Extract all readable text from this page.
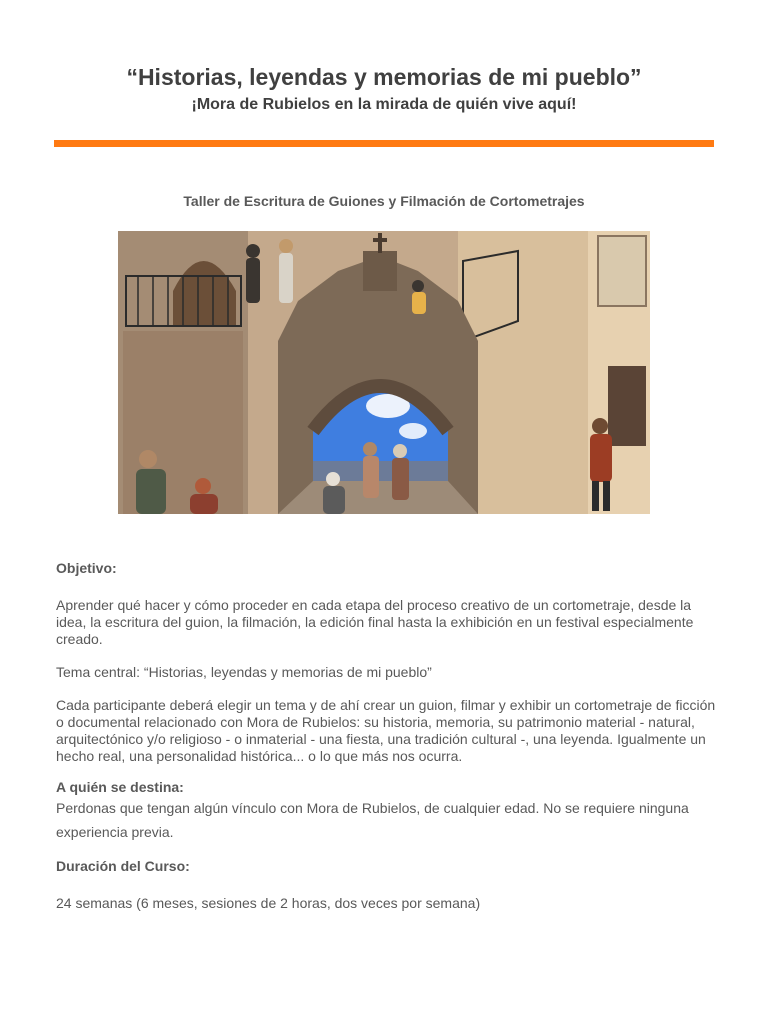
“Historias, leyendas y memorias de mi pueblo”
¡Mora de Rubielos en la mirada de quién vive aquí!
Taller de Escritura de Guiones y Filmación de Cortometrajes

Objetivo:

Aprender qué hacer y cómo proceder en cada etapa del proceso creativo de un cortometraje, desde la idea, la escritura del guion, la filmación, la edición final hasta la exhibición en un festival especialmente creado.

Tema central: “Historias, leyendas y memorias de mi pueblo”

Cada participante deberá elegir un tema y de ahí crear un guion, filmar y exhibir un cortometraje de ficción o documental relacionado con Mora de Rubielos: su historia, memoria, su patrimonio material - natural, arquitectónico y/o religioso - o inmaterial - una fiesta, una tradición cultural -, una leyenda. Igualmente un hecho real, una personalidad histórica... o lo que más nos ocurra.

A quién se destina:

Perdonas que tengan algún vínculo con Mora de Rubielos, de cualquier edad. No se requiere ninguna experiencia previa.

Duración del Curso:

24 semanas (6 meses, sesiones de 2 horas, dos veces por semana)
